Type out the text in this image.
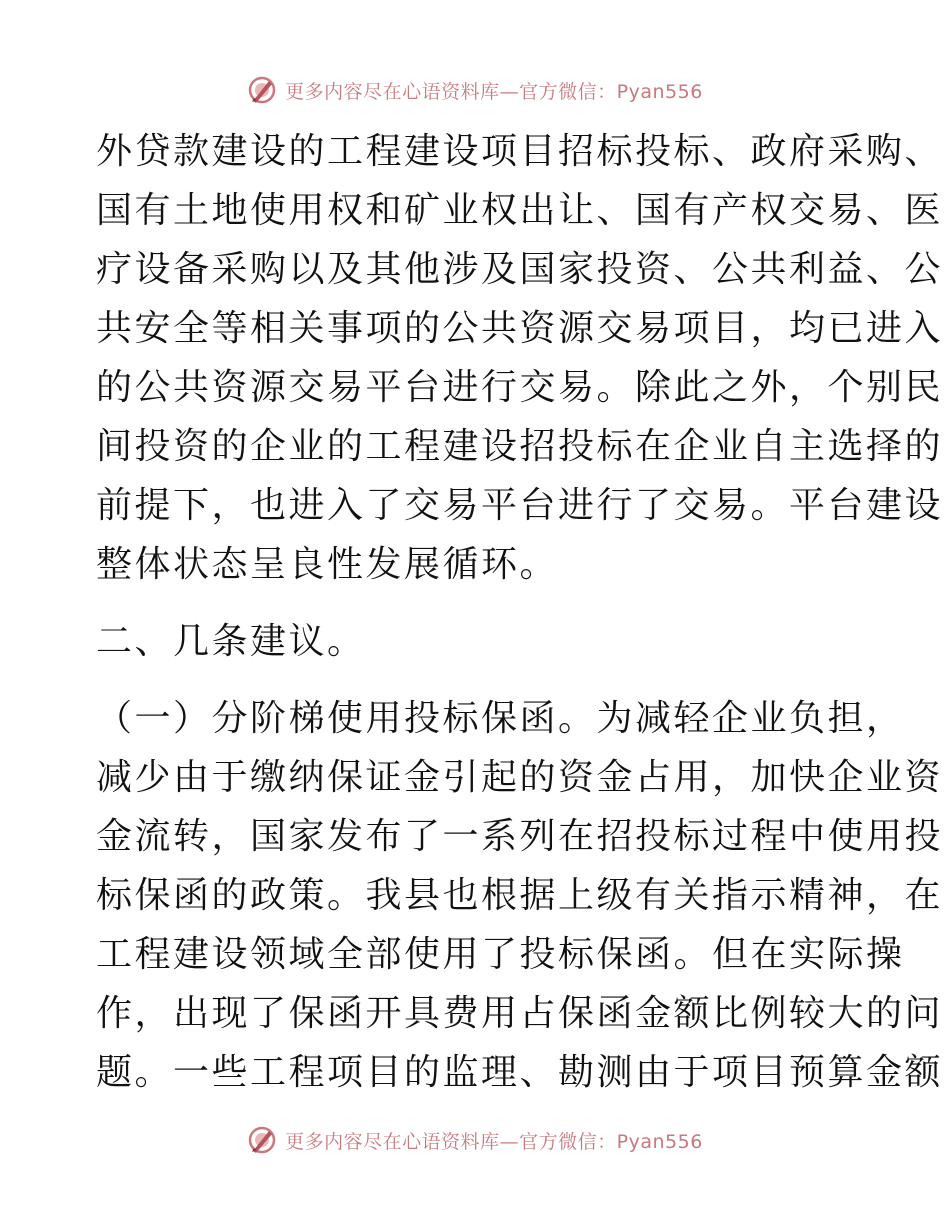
更多内容尽在心语资料库—官方微信：Pyan556
外贷款建设的工程建设项目招标投标、政府采购、
国有土地使用权和矿业权出让、国有产权交易、医
疗设备采购以及其他涉及国家投资、公共利益、公
共安全等相关事项的公共资源交易项目，均已进入
的公共资源交易平台进行交易。除此之外，个别民
间投资的企业的工程建设招投标在企业自主选择的
前提下，也进入了交易平台进行了交易。平台建设
整体状态呈良性发展循环。
二、几条建议。
（一）分阶梯使用投标保函。为减轻企业负担，
减少由于缴纳保证金引起的资金占用，加快企业资
金流转，国家发布了一系列在招投标过程中使用投
标保函的政策。我县也根据上级有关指示精神，在
工程建设领域全部使用了投标保函。但在实际操
作，出现了保函开具费用占保函金额比例较大的问
题。一些工程项目的监理、勘测由于项目预算金额
更多内容尽在心语资料库—官方微信：Pyan556
